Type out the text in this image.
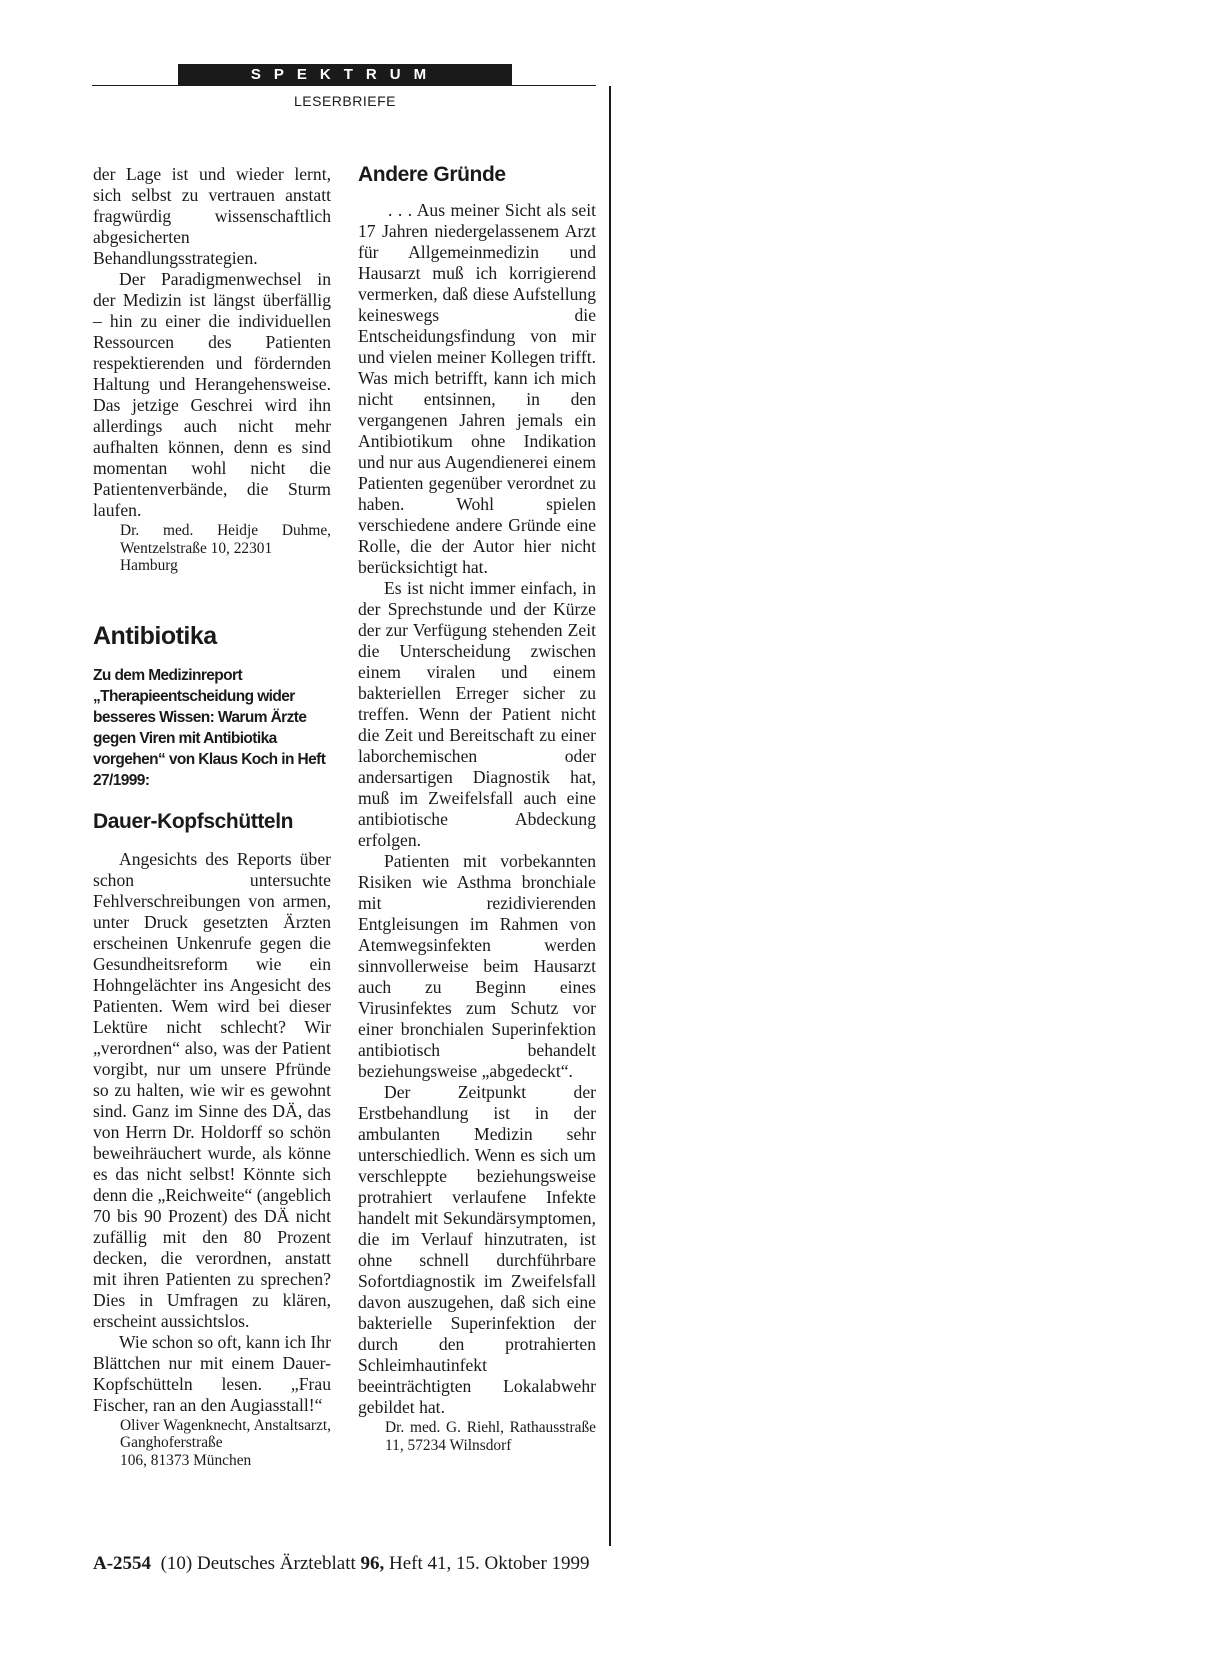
SPEKTRUM
LESERBRIEFE

der Lage ist und wieder lernt, sich selbst zu vertrauen anstatt fragwürdig wissenschaftlich abgesicherten Behandlungsstrategien.

Der Paradigmenwechsel in der Medizin ist längst überfällig – hin zu einer die individuellen Ressourcen des Patienten respektierenden und fördernden Haltung und Herangehensweise. Das jetzige Geschrei wird ihn allerdings auch nicht mehr aufhalten können, denn es sind momentan wohl nicht die Patientenverbände, die Sturm laufen.

Dr. med. Heidje Duhme, Wentzelstraße 10, 22301
Hamburg
Antibiotika
Zu dem Medizinreport „Therapieentscheidung wider besseres Wissen: Warum Ärzte gegen Viren mit Antibiotika vorgehen“ von Klaus Koch in Heft 27/1999:
Dauer-Kopfschütteln

Angesichts des Reports über schon untersuchte Fehlverschreibungen von armen, unter Druck gesetzten Ärzten erscheinen Unkenrufe gegen die Gesundheitsreform wie ein Hohngelächter ins Angesicht des Patienten. Wem wird bei dieser Lektüre nicht schlecht? Wir „verordnen“ also, was der Patient vorgibt, nur um unsere Pfründe so zu halten, wie wir es gewohnt sind. Ganz im Sinne des DÄ, das von Herrn Dr. Holdorff so schön beweihräuchert wurde, als könne es das nicht selbst! Könnte sich denn die „Reichweite“ (angeblich 70 bis 90 Prozent) des DÄ nicht zufällig mit den 80 Prozent decken, die verordnen, anstatt mit ihren Patienten zu sprechen? Dies in Umfragen zu klären, erscheint aussichtslos.

Wie schon so oft, kann ich Ihr Blättchen nur mit einem Dauer-Kopfschütteln lesen. „Frau Fischer, ran an den Augiasstall!“

Oliver Wagenknecht, Anstaltsarzt, Ganghoferstraße
106, 81373 München
Andere Gründe

. . . Aus meiner Sicht als seit 17 Jahren niedergelassenem Arzt für Allgemeinmedizin und Hausarzt muß ich korrigierend vermerken, daß diese Aufstellung keineswegs die Entscheidungsfindung von mir und vielen meiner Kollegen trifft. Was mich betrifft, kann ich mich nicht entsinnen, in den vergangenen Jahren jemals ein Antibiotikum ohne Indikation und nur aus Augendienerei einem Patienten gegenüber verordnet zu haben. Wohl spielen verschiedene andere Gründe eine Rolle, die der Autor hier nicht berücksichtigt hat.

Es ist nicht immer einfach, in der Sprechstunde und der Kürze der zur Verfügung stehenden Zeit die Unterscheidung zwischen einem viralen und einem bakteriellen Erreger sicher zu treffen. Wenn der Patient nicht die Zeit und Bereitschaft zu einer laborchemischen oder andersartigen Diagnostik hat, muß im Zweifelsfall auch eine antibiotische Abdeckung erfolgen.

Patienten mit vorbekannten Risiken wie Asthma bronchiale mit rezidivierenden Entgleisungen im Rahmen von Atemwegsinfekten werden sinnvollerweise beim Hausarzt auch zu Beginn eines Virusinfektes zum Schutz vor einer bronchialen Superinfektion antibiotisch behandelt beziehungsweise „abgedeckt“.

Der Zeitpunkt der Erstbehandlung ist in der ambulanten Medizin sehr unterschiedlich. Wenn es sich um verschleppte beziehungsweise protrahiert verlaufene Infekte handelt mit Sekundärsymptomen, die im Verlauf hinzutraten, ist ohne schnell durchführbare Sofortdiagnostik im Zweifelsfall davon auszugehen, daß sich eine bakterielle Superinfektion der durch den protrahierten Schleimhautinfekt beeinträchtigten Lokalabwehr gebildet hat.

Dr. med. G. Riehl, Rathausstraße 11, 57234 Wilnsdorf
A-2554 (10) Deutsches Ärzteblatt 96, Heft 41, 15. Oktober 1999
